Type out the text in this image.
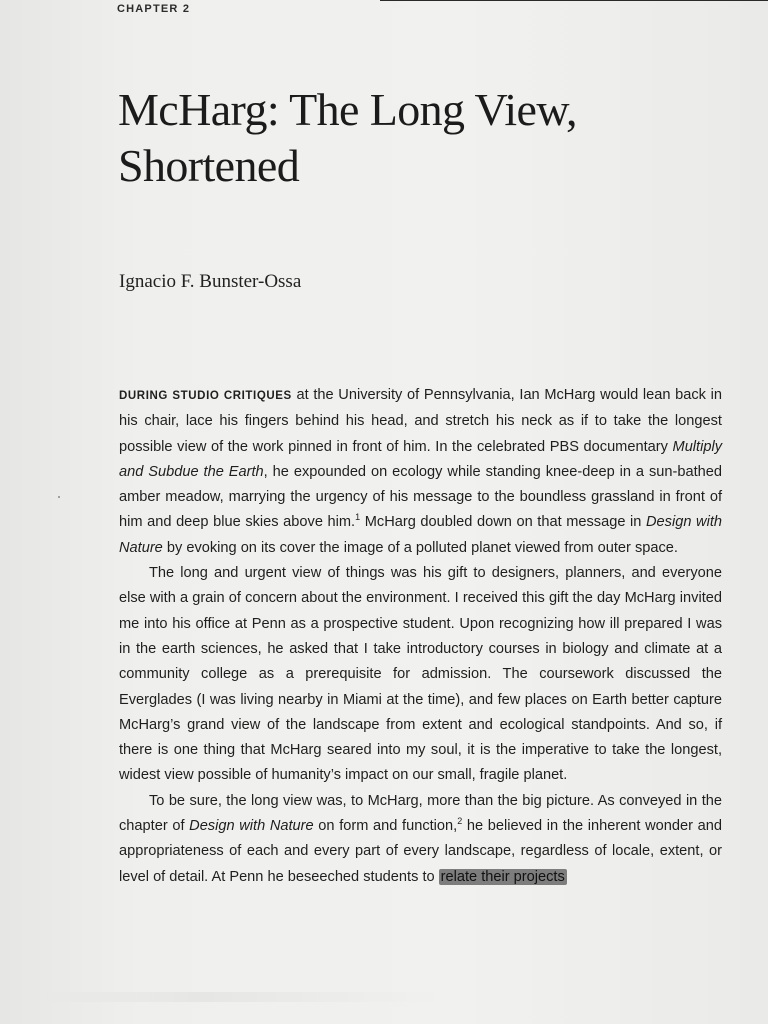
CHAPTER 2
McHarg: The Long View,
Shortened
Ignacio F. Bunster-Ossa

DURING STUDIO CRITIQUES at the University of Pennsylvania, Ian McHarg would lean back in his chair, lace his fingers behind his head, and stretch his neck as if to take the longest possible view of the work pinned in front of him. In the celebrated PBS documentary Multiply and Subdue the Earth, he expounded on ecology while standing knee-deep in a sun-bathed amber meadow, marrying the urgency of his message to the boundless grassland in front of him and deep blue skies above him.$^1$ McHarg doubled down on that message in Design with Nature by evoking on its cover the image of a polluted planet viewed from outer space.

The long and urgent view of things was his gift to designers, planners, and everyone else with a grain of concern about the environment. I received this gift the day McHarg invited me into his office at Penn as a prospective student. Upon recognizing how ill prepared I was in the earth sciences, he asked that I take introductory courses in biology and climate at a community college as a prerequisite for admission. The coursework discussed the Everglades (I was living nearby in Miami at the time), and few places on Earth better capture McHarg’s grand view of the landscape from extent and ecological standpoints. And so, if there is one thing that McHarg seared into my soul, it is the imperative to take the longest, widest view possible of humanity’s impact on our small, fragile planet.

To be sure, the long view was, to McHarg, more than the big picture. As conveyed in the chapter of Design with Nature on form and function,$^2$ he believed in the inherent wonder and appropriateness of each and every part of every landscape, regardless of locale, extent, or level of detail. At Penn he beseeched students to relate their projects
